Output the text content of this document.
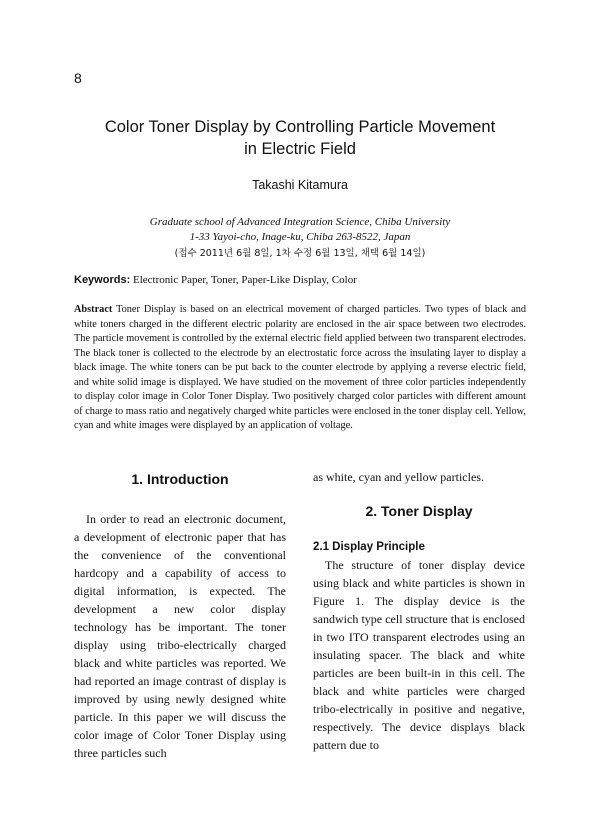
8
Color Toner Display by Controlling Particle Movement
in Electric Field
Takashi Kitamura
Graduate school of Advanced Integration Science, Chiba University
1-33 Yayoi-cho, Inage-ku, Chiba 263-8522, Japan
(접수 2011년 6월 8일, 1차 수정 6월 13일, 채택 6월 14일)
Keywords: Electronic Paper, Toner, Paper-Like Display, Color

Abstract Toner Display is based on an electrical movement of charged particles. Two types of black and white toners charged in the different electric polarity are enclosed in the air space between two electrodes. The particle movement is controlled by the external electric field applied between two transparent electrodes. The black toner is collected to the electrode by an electrostatic force across the insulating layer to display a black image. The white toners can be put back to the counter electrode by applying a reverse electric field, and white solid image is displayed. We have studied on the movement of three color particles independently to display color image in Color Toner Display. Two positively charged color particles with different amount of charge to mass ratio and negatively charged white particles were enclosed in the toner display cell. Yellow, cyan and white images were displayed by an application of voltage.

1. Introduction

In order to read an electronic document, a development of electronic paper that has the convenience of the conventional hardcopy and a capability of access to digital information, is expected. The development a new color display technology has be important. The toner display using tribo-electrically charged black and white particles was reported. We had reported an image contrast of display is improved by using newly designed white particle. In this paper we will discuss the color image of Color Toner Display using three particles such

as white, cyan and yellow particles.

2. Toner Display
2.1 Display Principle

The structure of toner display device using black and white particles is shown in Figure 1. The display device is the sandwich type cell structure that is enclosed in two ITO transparent electrodes using an insulating spacer. The black and white particles are been built-in in this cell. The black and white particles were charged tribo-electrically in positive and negative, respectively. The device displays black pattern due to
